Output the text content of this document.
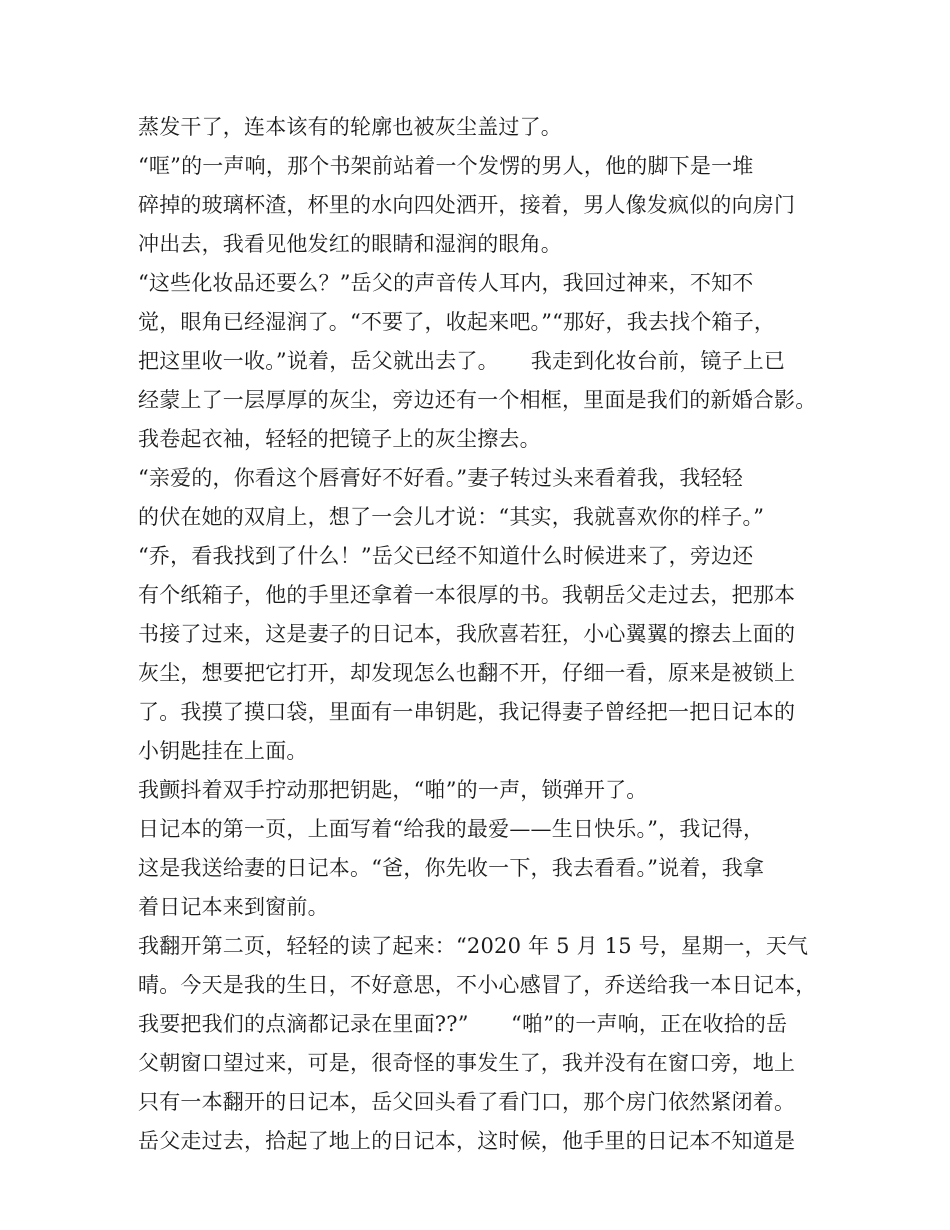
蒸发干了，连本该有的轮廓也被灰尘盖过了。
“哐”的一声响，那个书架前站着一个发愣的男人，他的脚下是一堆
碎掉的玻璃杯渣，杯里的水向四处洒开，接着，男人像发疯似的向房门
冲出去，我看见他发红的眼睛和湿润的眼角。
“这些化妆品还要么？”岳父的声音传人耳内，我回过神来，不知不
觉，眼角已经湿润了。“不要了，收起来吧。”“那好，我去找个箱子，
把这里收一收。”说着，岳父就出去了。　　我走到化妆台前，镜子上已
经蒙上了一层厚厚的灰尘，旁边还有一个相框，里面是我们的新婚合影。
我卷起衣袖，轻轻的把镜子上的灰尘擦去。
“亲爱的，你看这个唇膏好不好看。”妻子转过头来看着我，我轻轻
的伏在她的双肩上，想了一会儿才说：“其实，我就喜欢你的样子。”
“乔，看我找到了什么！”岳父已经不知道什么时候进来了，旁边还
有个纸箱子，他的手里还拿着一本很厚的书。我朝岳父走过去，把那本
书接了过来，这是妻子的日记本，我欣喜若狂，小心翼翼的擦去上面的
灰尘，想要把它打开，却发现怎么也翻不开，仔细一看，原来是被锁上
了。我摸了摸口袋，里面有一串钥匙，我记得妻子曾经把一把日记本的
小钥匙挂在上面。
我颤抖着双手拧动那把钥匙，“啪”的一声，锁弹开了。
日记本的第一页，上面写着“给我的最爱——生日快乐。”，我记得，
这是我送给妻的日记本。“爸，你先收一下，我去看看。”说着，我拿
着日记本来到窗前。
我翻开第二页，轻轻的读了起来：“2020 年 5 月 15 号，星期一，天气
晴。今天是我的生日，不好意思，不小心感冒了，乔送给我一本日记本，
我要把我们的点滴都记录在里面??”　　“啪”的一声响，正在收拾的岳
父朝窗口望过来，可是，很奇怪的事发生了，我并没有在窗口旁，地上
只有一本翻开的日记本，岳父回头看了看门口，那个房门依然紧闭着。
岳父走过去，拾起了地上的日记本，这时候，他手里的日记本不知道是
